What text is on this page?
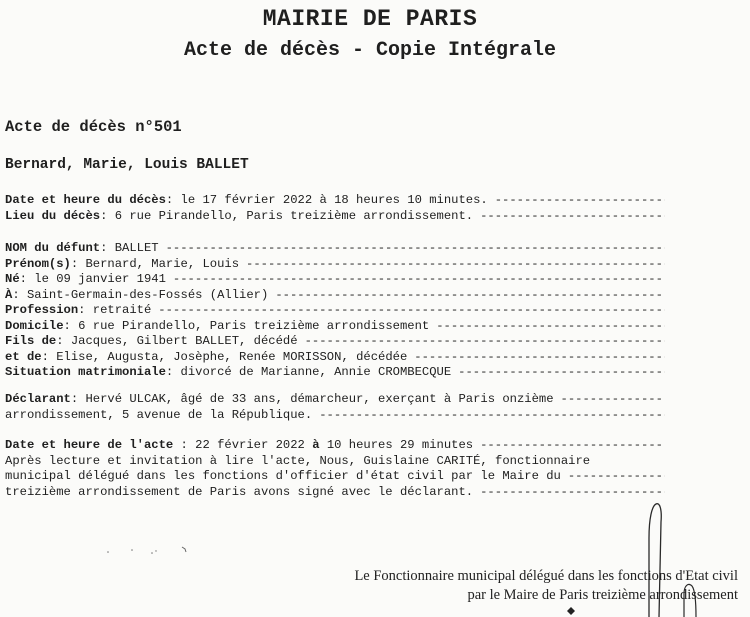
MAIRIE DE PARIS
Acte de décès - Copie Intégrale
Acte de décès n°501
Bernard, Marie, Louis BALLET
Date et heure du décès : le 17 février 2022 à 18 heures 10 minutes.
-----
Lieu du décès : 6 rue Pirandello, Paris treizième arrondissement.
-----
NOM du défunt : BALLET
-----
Prénom(s) : Bernard, Marie, Louis
-----
Né : le 09 janvier 1941
-----
À : Saint-Germain-des-Fossés (Allier)
-----
Profession : retraité
-----
Domicile : 6 rue Pirandello, Paris treizième arrondissement
-----
Fils de : Jacques, Gilbert BALLET, décédé
-----
et de : Elise, Augusta, Josèphe, Renée MORISSON, décédée
-----
Situation matrimoniale : divorcé de Marianne, Annie CROMBECQUE
-----
Déclarant : Hervé ULCAK, âgé de 33 ans, démarcheur, exerçant à Paris onzième
-----
arrondissement, 5 avenue de la République.
-----
Date et heure de l'acte : 22 février 2022 à 10 heures 29 minutes
-----
Après lecture et invitation à lire l'acte, Nous, Guislaine CARITÉ, fonctionnaire
municipal délégué dans les fonctions d'officier d'état civil par le Maire du
-----
treizième arrondissement de Paris avons signé avec le déclarant.
-----
Le Fonctionnaire municipal délégué dans les fonctions d'Etat civil
par le Maire de Paris treizième arrondissement
